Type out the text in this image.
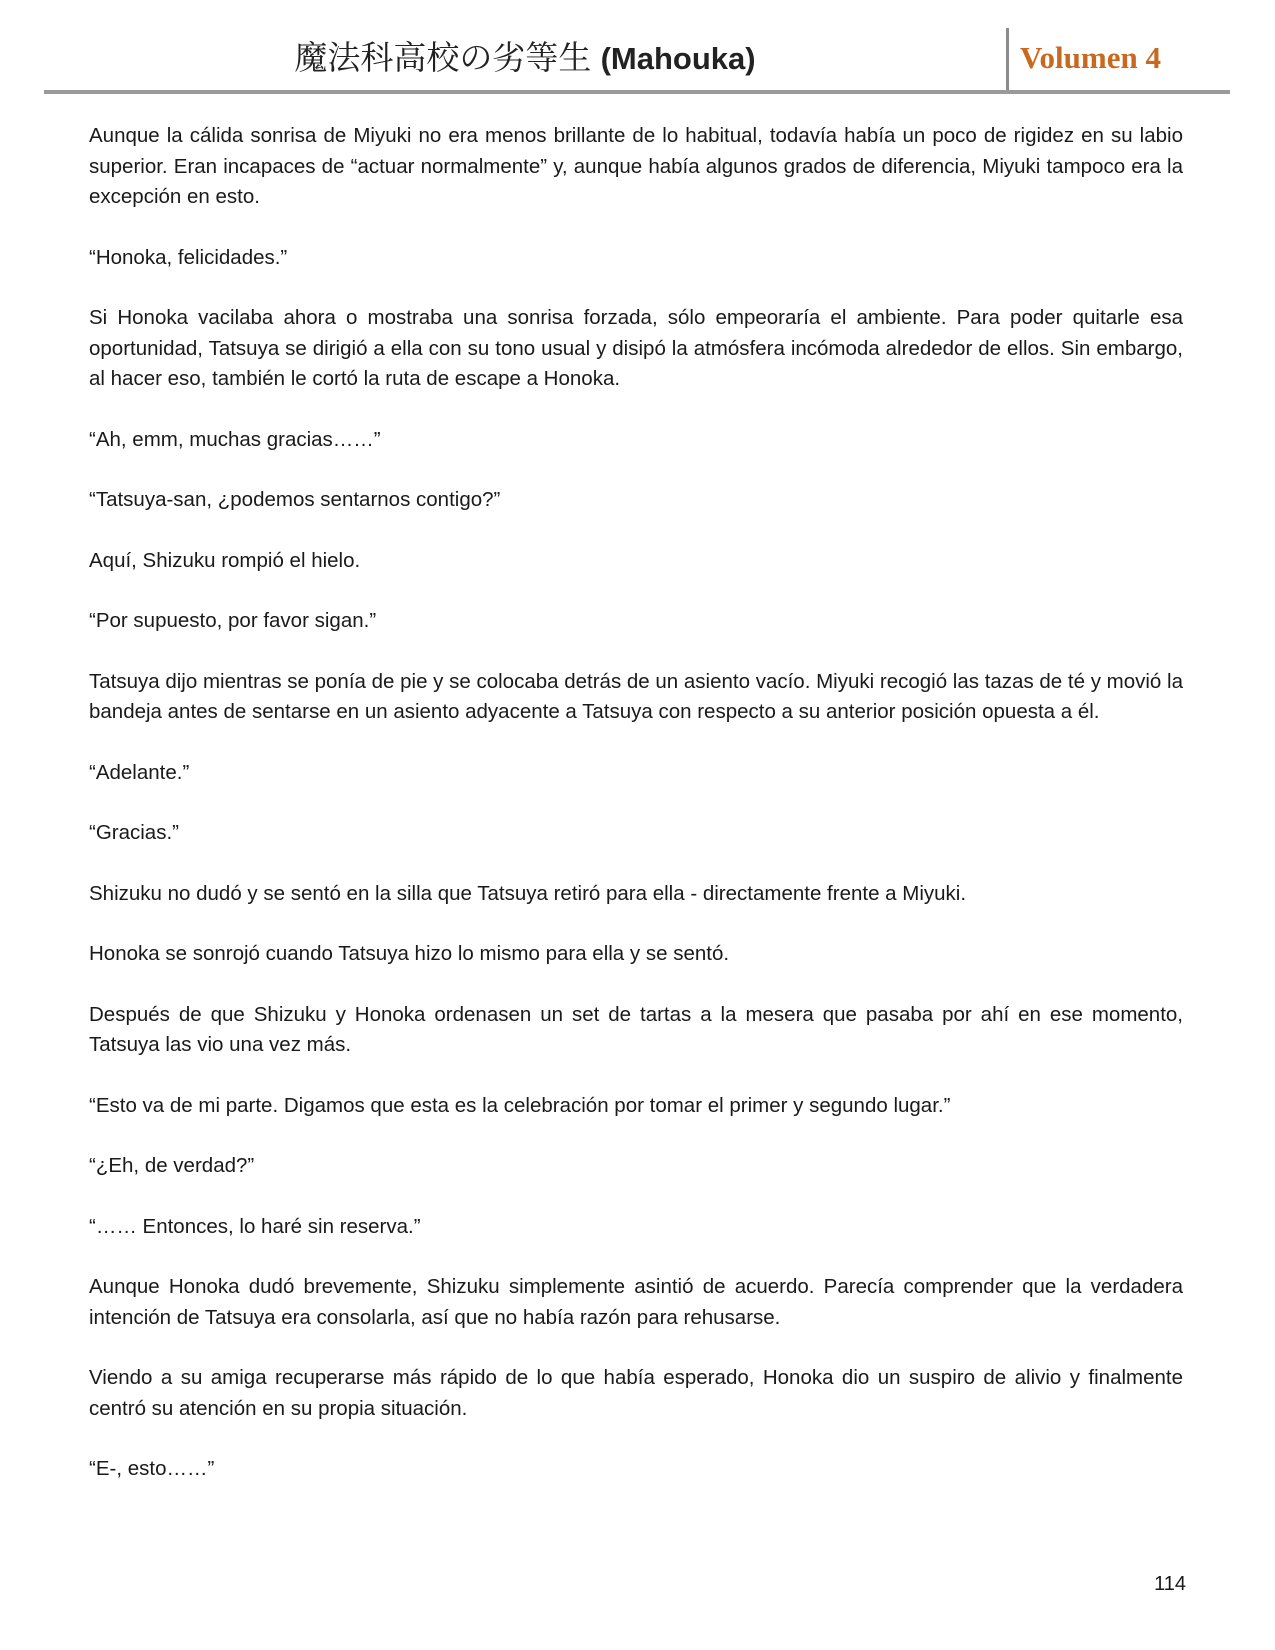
魔法科高校の劣等生 (Mahouka)	Volumen 4

Aunque la cálida sonrisa de Miyuki no era menos brillante de lo habitual, todavía había un poco de rigidez en su labio superior. Eran incapaces de “actuar normalmente” y, aunque había algunos grados de diferencia, Miyuki tampoco era la excepción en esto.

“Honoka, felicidades.”

Si Honoka vacilaba ahora o mostraba una sonrisa forzada, sólo empeoraría el ambiente. Para poder quitarle esa oportunidad, Tatsuya se dirigió a ella con su tono usual y disipó la atmósfera incómoda alrededor de ellos. Sin embargo, al hacer eso, también le cortó la ruta de escape a Honoka.

“Ah, emm, muchas gracias……”

“Tatsuya-san, ¿podemos sentarnos contigo?”

Aquí, Shizuku rompió el hielo.

“Por supuesto, por favor sigan.”

Tatsuya dijo mientras se ponía de pie y se colocaba detrás de un asiento vacío. Miyuki recogió las tazas de té y movió la bandeja antes de sentarse en un asiento adyacente a Tatsuya con respecto a su anterior posición opuesta a él.

“Adelante.”

“Gracias.”

Shizuku no dudó y se sentó en la silla que Tatsuya retiró para ella - directamente frente a Miyuki.

Honoka se sonrojó cuando Tatsuya hizo lo mismo para ella y se sentó.

Después de que Shizuku y Honoka ordenasen un set de tartas a la mesera que pasaba por ahí en ese momento, Tatsuya las vio una vez más.

“Esto va de mi parte. Digamos que esta es la celebración por tomar el primer y segundo lugar.”

“¿Eh, de verdad?”

“…… Entonces, lo haré sin reserva.”

Aunque Honoka dudó brevemente, Shizuku simplemente asintió de acuerdo. Parecía comprender que la verdadera intención de Tatsuya era consolarla, así que no había razón para rehusarse.

Viendo a su amiga recuperarse más rápido de lo que había esperado, Honoka dio un suspiro de alivio y finalmente centró su atención en su propia situación.

“E-, esto……”

114
